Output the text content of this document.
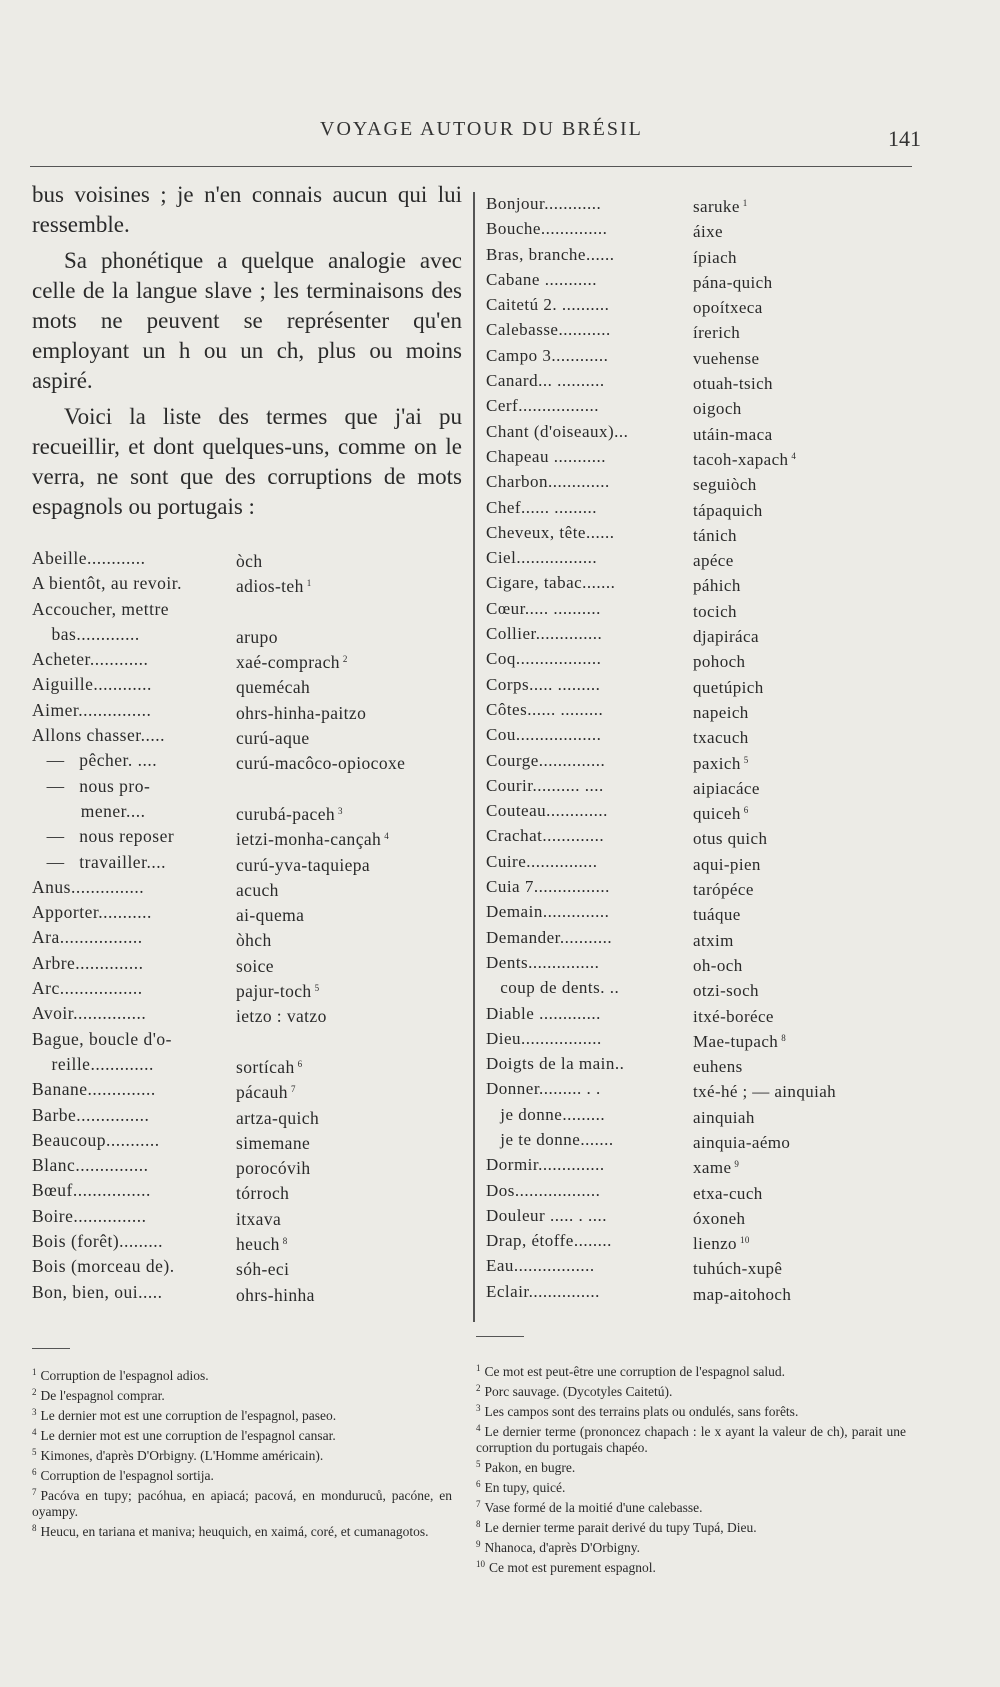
VOYAGE AUTOUR DU BRÉSIL	141

bus voisines ; je n'en connais aucun qui lui ressemble.

Sa phonétique a quelque analogie avec celle de la langue slave ; les terminaisons des mots ne peuvent se représenter qu'en employant un h ou un ch, plus ou moins aspiré.

Voici la liste des termes que j'ai pu recueillir, et dont quelques-uns, comme on le verra, ne sont que des corruptions de mots espagnols ou portugais :

Abeille............	òch
A bientôt, au revoir.	adios-teh $^1$
Accoucher, mettre
bas.............	arupo
Acheter............	xaé-comprach $^2$
Aiguille............	quemécah
Aimer...............	ohrs-hinha-paitzo
Allons chasser.....	curú-aque
—   pêcher. ....	curú-macôco-opiocoxe
—   nous pro-
mener....	curubá-paceh $^3$
—   nous reposer	ietzi-monha-cançah $^4$
—   travailler....	curú-yva-taquiepa
Anus...............	acuch
Apporter...........	ai-quema
Ara.................	òhch
Arbre..............	soice
Arc.................	pajur-toch $^5$
Avoir...............	ietzo : vatzo
Bague, boucle d'o-
reille.............	sortícah $^6$
Banane..............	pácauh $^7$
Barbe...............	artza-quich
Beaucoup...........	simemane
Blanc...............	porocóvih
Bœuf................	tórroch
Boire...............	itxava
Bois (forêt).........	heuch $^8$
Bois (morceau de).	sóh-eci
Bon, bien, oui.....	ohrs-hinha
Bonjour............	saruke $^1$
Bouche..............	áixe
Bras, branche......	ípiach
Cabane ...........	pána-quich
Caitetú 2. ..........	opoítxeca
Calebasse...........	írerich
Campo 3............	vuehense
Canard... ..........	otuah-tsich
Cerf.................	oigoch
Chant (d'oiseaux)...	utáin-maca
Chapeau ...........	tacoh-xapach $^4$
Charbon.............	seguiòch
Chef...... .........	tápaquich
Cheveux, tête......	tánich
Ciel.................	apéce
Cigare, tabac.......	páhich
Cœur..... ..........	tocich
Collier..............	djapiráca
Coq..................	pohoch
Corps..... .........	quetúpich
Côtes...... .........	napeich
Cou..................	txacuch
Courge..............	paxich $^5$
Courir.......... ....	aipiacáce
Couteau.............	quiceh $^6$
Crachat.............	otus quich
Cuire...............	aqui-pien
Cuia 7................	tarópéce
Demain..............	tuáque
Demander...........	atxim
Dents...............	oh-och
coup de dents. ..	otzi-soch
Diable .............	itxé-boréce
Dieu.................	Mae-tupach $^8$
Doigts de la main..	euhens
Donner......... . .	txé-hé ; — ainquiah
je donne.........	ainquiah
je te donne.......	ainquia-aémo
Dormir..............	xame $^9$
Dos..................	etxa-cuch
Douleur ..... . ....	óxoneh
Drap, étoffe........	lienzo $^{10}$
Eau.................	tuhúch-xupê
Eclair...............	map-aitohoch
$^1$ Corruption de l'espagnol adios.
$^2$ De l'espagnol comprar.
$^3$ Le dernier mot est une corruption de l'espagnol, paseo.
$^4$ Le dernier mot est une corruption de l'espagnol cansar.
$^5$ Kimones, d'après D'Orbigny. (L'Homme américain).
$^6$ Corruption de l'espagnol sortija.
$^7$ Pacóva en tupy; pacóhua, en apiacá; pacová, en monduruců, pacóne, en oyampy.
$^8$ Heucu, en tariana et maniva; heuquich, en xaimá, coré, et cumanagotos.
$^1$ Ce mot est peut-être une corruption de l'espagnol salud.
$^2$ Porc sauvage. (Dycotyles Caitetú).
$^3$ Les campos sont des terrains plats ou ondulés, sans forêts.
$^4$ Le dernier terme (prononcez chapach : le x ayant la valeur de ch), parait une corruption du portugais chapéo.
$^5$ Pakon, en bugre.
$^6$ En tupy, quicé.
$^7$ Vase formé de la moitié d'une calebasse.
$^8$ Le dernier terme parait derivé du tupy Tupá, Dieu.
$^9$ Nhanoca, d'après D'Orbigny.
$^{10}$ Ce mot est purement espagnol.
